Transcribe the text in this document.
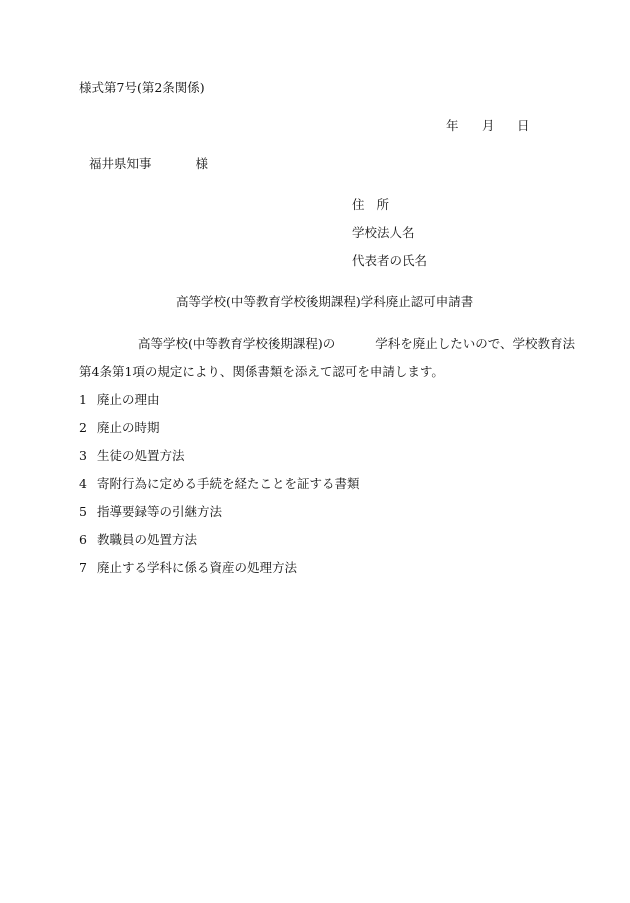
様式第7号(第2条関係)
年	月	日
福井県知事	様
住 所
学校法人名
代表者の氏名
高等学校(中等教育学校後期課程)学科廃止認可申請書
高等学校(中等教育学校後期課程)の	学科を廃止したいので、学校教育法
第4条第1項の規定により、関係書類を添えて認可を申請します。
1 廃止の理由
2 廃止の時期
3 生徒の処置方法
4 寄附行為に定める手続を経たことを証する書類
5 指導要録等の引継方法
6 教職員の処置方法
7 廃止する学科に係る資産の処理方法
